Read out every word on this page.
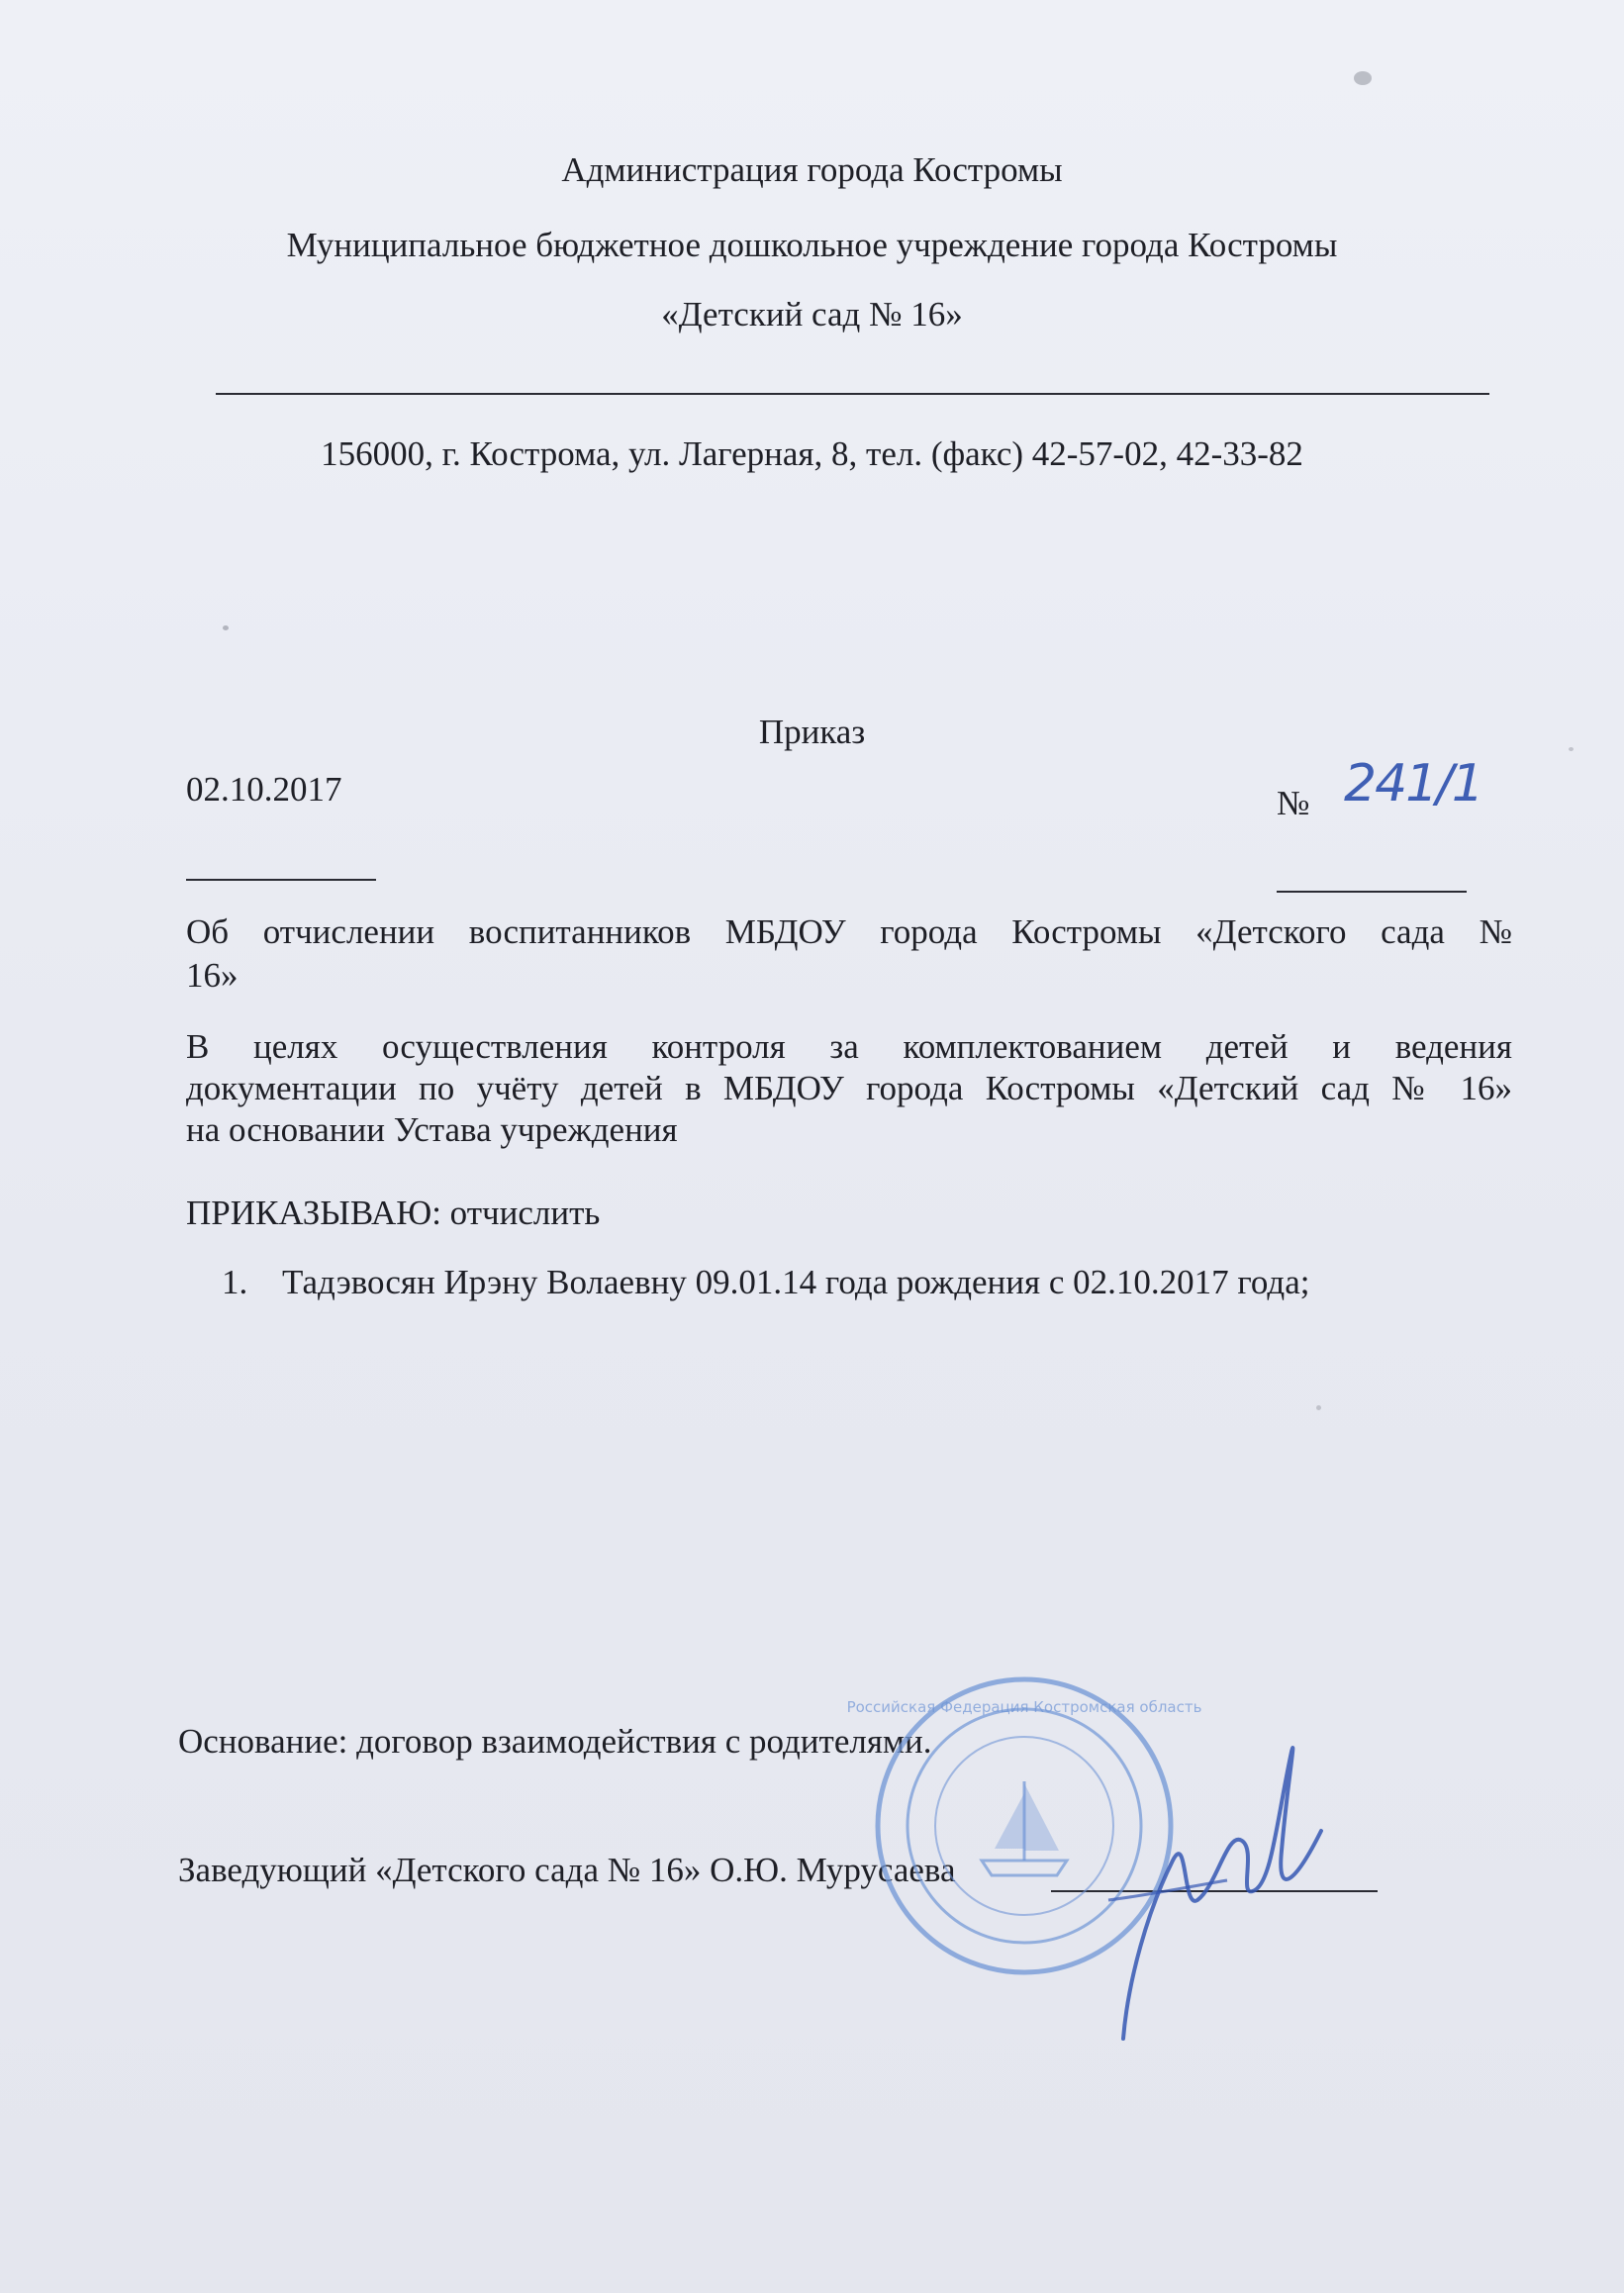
Администрация города Костромы
Муниципальное бюджетное дошкольное учреждение города Костромы
«Детский сад № 16»
156000, г. Кострома, ул. Лагерная, 8, тел. (факс) 42-57-02, 42-33-82
Приказ
02.10.2017	№ 241/1
Об отчислении воспитанников МБДОУ города Костромы «Детского сада №
16»
В целях осуществления контроля за комплектованием детей и ведения
документации по учёту детей в МБДОУ города Костромы «Детский сад № 16»
на основании Устава учреждения
ПРИКАЗЫВАЮ: отчислить
1. Тадэвосян Ирэну Волаевну 09.01.14 года рождения с 02.10.2017 года;
Основание: договор взаимодействия с родителями.
Заведующий «Детского сада № 16» О.Ю. Мурусаева
Российская Федерация Костромская область
